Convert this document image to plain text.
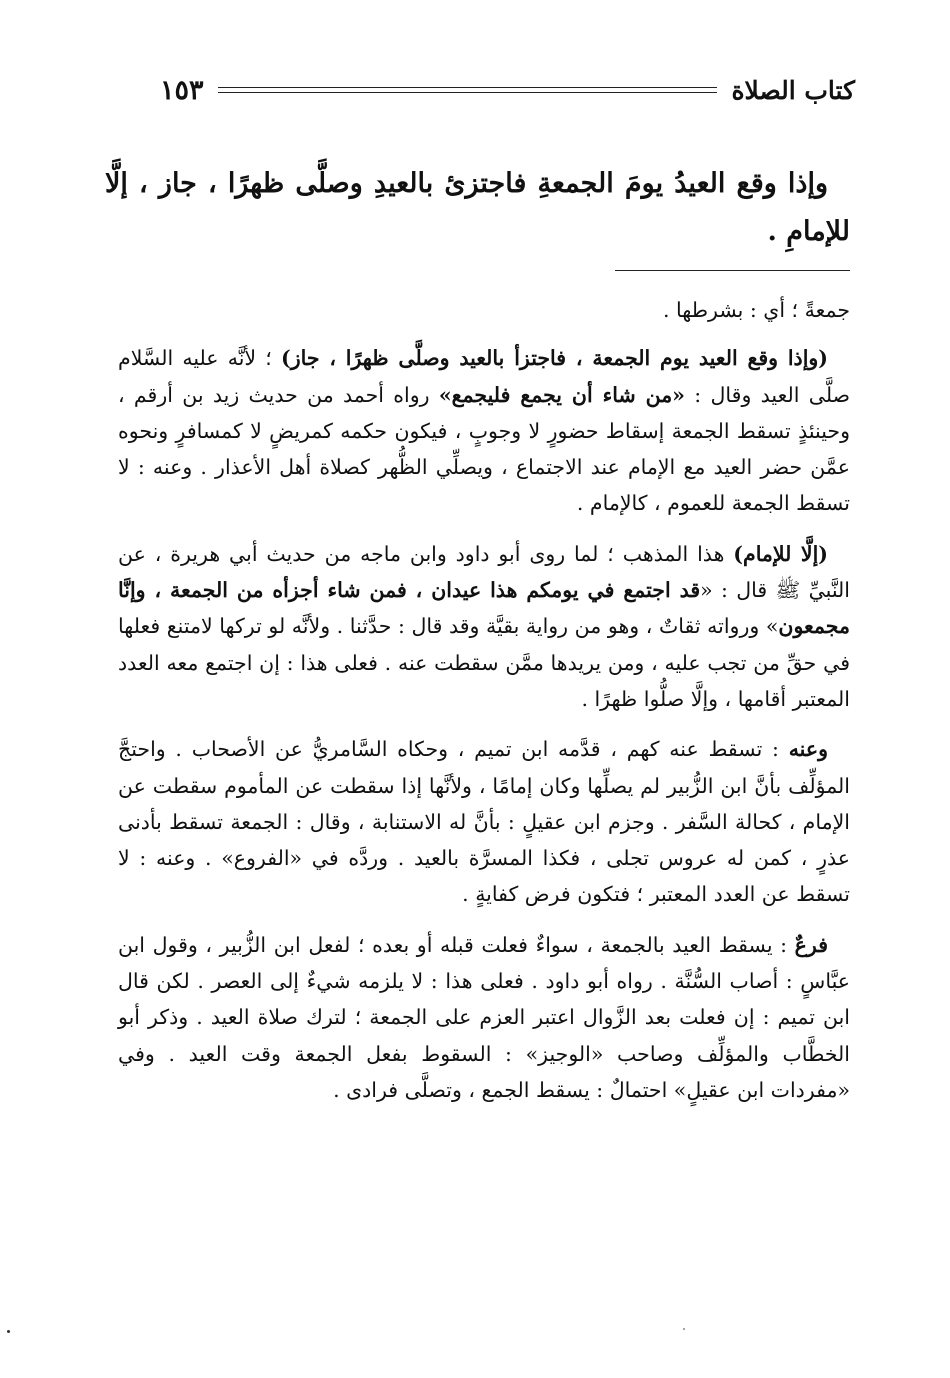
كتاب الصلاة
١٥٣
وإذا وقع العيدُ يومَ الجمعةِ فاجتزئ بالعيدِ وصلَّى ظهرًا ، جاز ، إلَّا للإمامِ .

جمعةً ؛ أي : بشرطها .

(وإذا وقع العيد يوم الجمعة ، فاجتزأ بالعيد وصلَّى ظهرًا ، جاز) ؛ لأنَّه عليه السَّلام صلَّى العيد وقال : «من شاء أن يجمع فليجمع» رواه أحمد من حديث زيد بن أرقم ، وحينئذٍ تسقط الجمعة إسقاط حضورٍ لا وجوبٍ ، فيكون حكمه كمريضٍ لا كمسافرٍ ونحوه عمَّن حضر العيد مع الإمام عند الاجتماع ، ويصلِّي الظُّهر كصلاة أهل الأعذار . وعنه : لا تسقط الجمعة للعموم ، كالإمام .

(إلَّا للإمام) هذا المذهب ؛ لما روى أبو داود وابن ماجه من حديث أبي هريرة ، عن النَّبيِّ ﷺ قال : «قد اجتمع في يومكم هذا عيدان ، فمن شاء أجزأه من الجمعة ، وإنَّا مجمعون» ورواته ثقاتٌ ، وهو من رواية بقيَّة وقد قال : حدَّثنا . ولأنَّه لو تركها لامتنع فعلها في حقِّ من تجب عليه ، ومن يريدها ممَّن سقطت عنه . فعلى هذا : إن اجتمع معه العدد المعتبر أقامها ، وإلَّا صلُّوا ظهرًا .

وعنه : تسقط عنه كهم ، قدَّمه ابن تميم ، وحكاه السَّامريُّ عن الأصحاب . واحتجَّ المؤلِّف بأنَّ ابن الزُّبير لم يصلِّها وكان إمامًا ، ولأنَّها إذا سقطت عن المأموم سقطت عن الإمام ، كحالة السَّفر . وجزم ابن عقيلٍ : بأنَّ له الاستنابة ، وقال : الجمعة تسقط بأدنى عذرٍ ، كمن له عروس تجلى ، فكذا المسرَّة بالعيد . وردَّه في «الفروع» . وعنه : لا تسقط عن العدد المعتبر ؛ فتكون فرض كفايةٍ .

فرعٌ : يسقط العيد بالجمعة ، سواءٌ فعلت قبله أو بعده ؛ لفعل ابن الزُّبير ، وقول ابن عبَّاسٍ : أصاب السُّنَّة . رواه أبو داود . فعلى هذا : لا يلزمه شيءٌ إلى العصر . لكن قال ابن تميم : إن فعلت بعد الزَّوال اعتبر العزم على الجمعة ؛ لترك صلاة العيد . وذكر أبو الخطَّاب والمؤلِّف وصاحب «الوجيز» : السقوط بفعل الجمعة وقت العيد . وفي «مفردات ابن عقيلٍ» احتمالٌ : يسقط الجمع ، وتصلَّى فرادى .
